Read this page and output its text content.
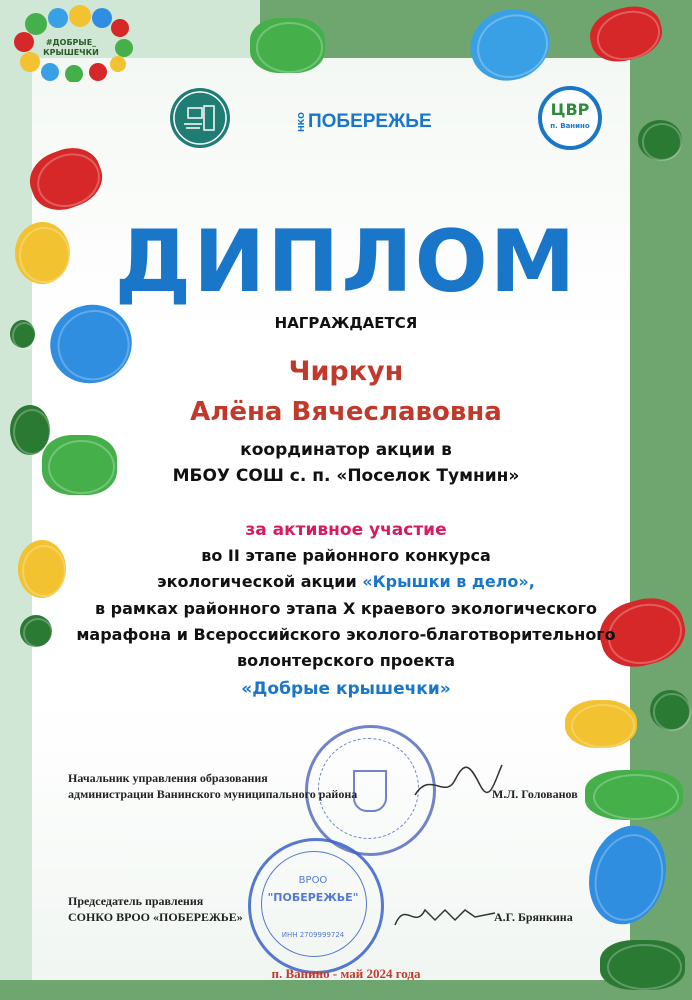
#ДОБРЫЕ_
КРЫШЕЧКИ
НКО ПОБЕРЕЖЬЕ
ЦВР
п. Ванино
ДИПЛОМ
НАГРАЖДАЕТСЯ
Чиркун
Алёна Вячеславовна
координатор акции в
МБОУ СОШ с. п. «Поселок Тумнин»
за активное участие
во II этапе районного конкурса
экологической акции «Крышки в дело»,
в рамках районного этапа X краевого экологического
марафона и Всероссийского эколого-благотворительного
волонтерского проекта
«Добрые крышечки»
Начальник управления образования
администрации Ванинского муниципального района	М.Л. Голованов
ВРОО
"ПОБЕРЕЖЬЕ"
ИНН 2709999724
Председатель правления
СОНКО ВРОО «ПОБЕРЕЖЬЕ»	А.Г. Брянкина
п. Ванино - май 2024 года
